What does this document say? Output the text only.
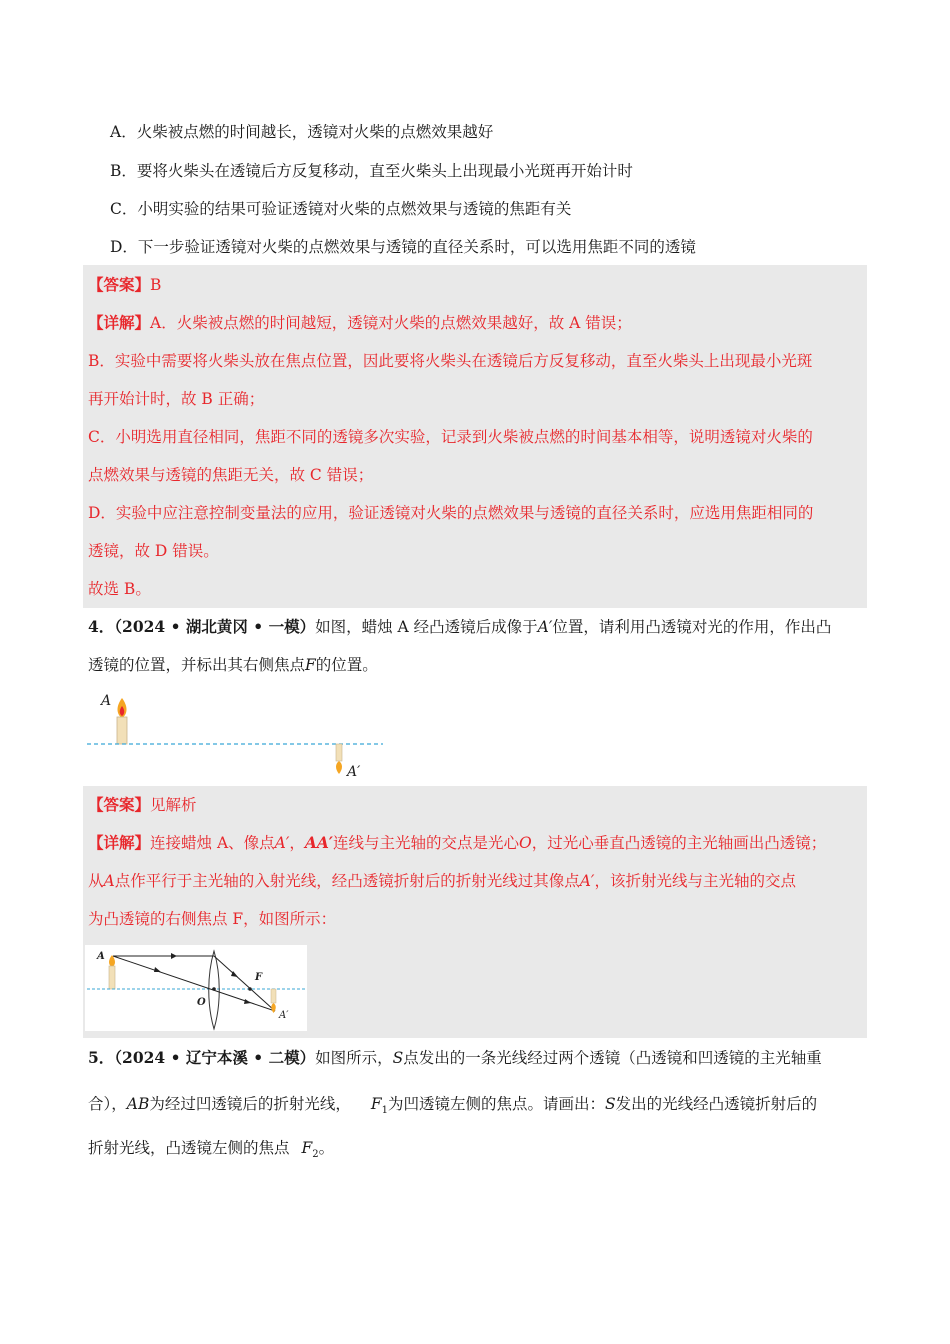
A．火柴被点燃的时间越长，透镜对火柴的点燃效果越好
B．要将火柴头在透镜后方反复移动，直至火柴头上出现最小光斑再开始计时
C．小明实验的结果可验证透镜对火柴的点燃效果与透镜的焦距有关
D．下一步验证透镜对火柴的点燃效果与透镜的直径关系时，可以选用焦距不同的透镜
【答案】B
【详解】A．火柴被点燃的时间越短，透镜对火柴的点燃效果越好，故 A 错误；
B．实验中需要将火柴头放在焦点位置，因此要将火柴头在透镜后方反复移动，直至火柴头上出现最小光斑
再开始计时，故 B 正确；
C．小明选用直径相同，焦距不同的透镜多次实验，记录到火柴被点燃的时间基本相等，说明透镜对火柴的
点燃效果与透镜的焦距无关，故 C 错误；
D．实验中应注意控制变量法的应用，验证透镜对火柴的点燃效果与透镜的直径关系时，应选用焦距相同的
透镜，故 D 错误。
故选 B。
4．（2024 • 湖北黄冈 • 一模）如图，蜡烛 A 经凸透镜后成像于A′位置，请利用凸透镜对光的作用，作出凸
透镜的位置，并标出其右侧焦点F的位置。
A
A′
【答案】见解析
【详解】连接蜡烛 A、像点A′，AA′连线与主光轴的交点是光心O，过光心垂直凸透镜的主光轴画出凸透镜；
从A点作平行于主光轴的入射光线，经凸透镜折射后的折射光线过其像点A′，该折射光线与主光轴的交点
为凸透镜的右侧焦点 F，如图所示：
A
O
F
A′
5．（2024 • 辽宁本溪 • 二模）如图所示，S点发出的一条光线经过两个透镜（凸透镜和凹透镜的主光轴重
合），AB为经过凹透镜后的折射光线， $F_1$为凹透镜左侧的焦点。请画出：S发出的光线经凸透镜折射后的
折射光线，凸透镜左侧的焦点 $F_2$。
